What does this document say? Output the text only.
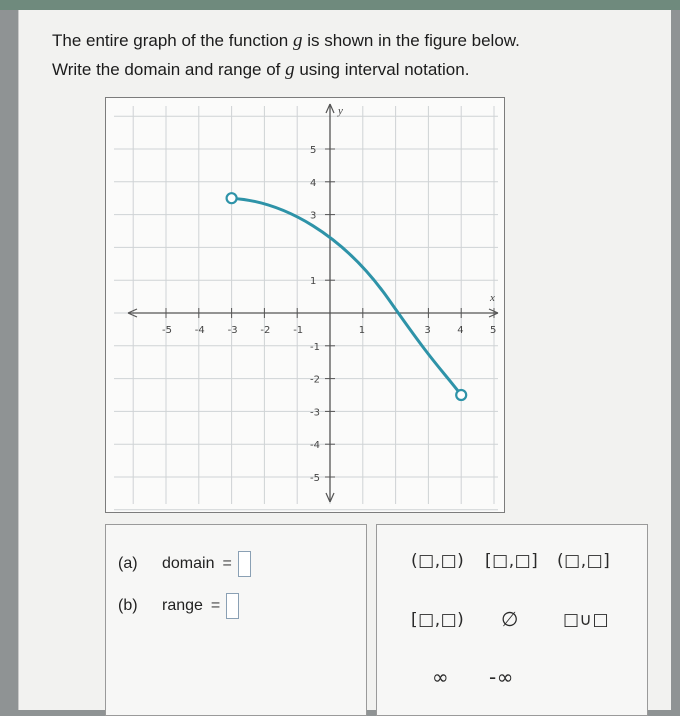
The entire graph of the function g is shown in the figure below.
Write the domain and range of g using interval notation.
x
y
-5 -4 -3 -2 -1	1	3	4	5
5
4
3
1
-1
-2
-3
-4
-5
(a)	domain =
(b)	range =
(□,□) [□,□] (□,□]
[□,□) ∅	□∪□
∞ -∞
